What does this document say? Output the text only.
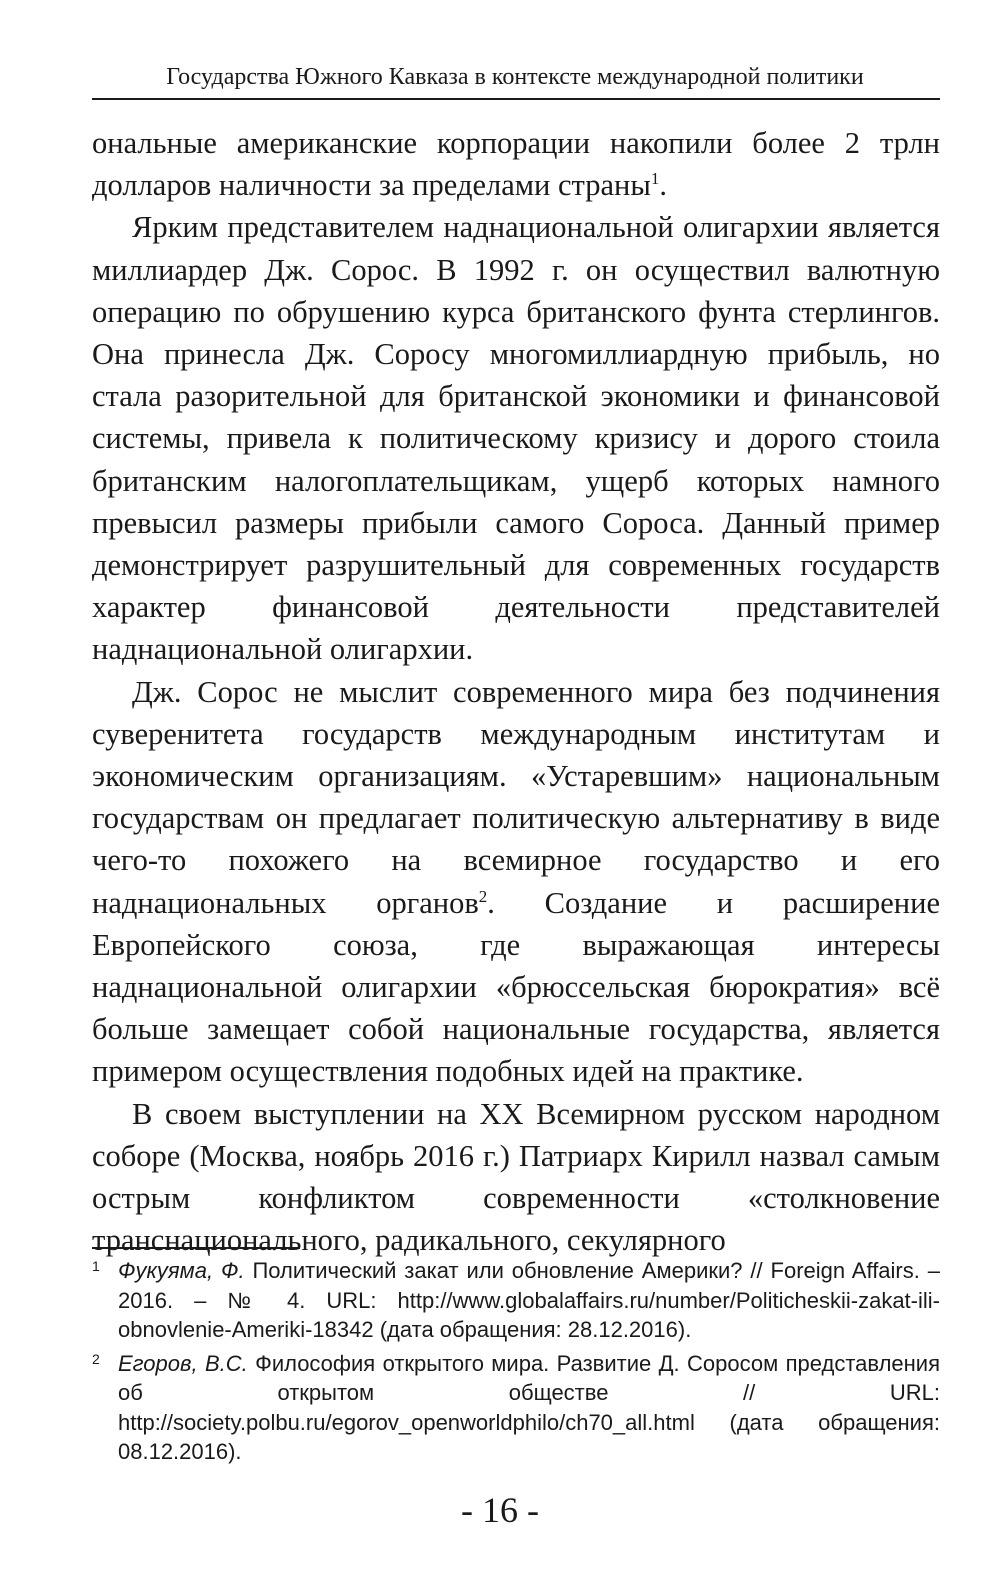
Государства Южного Кавказа в контексте международной политики

ональные американские корпорации накопили более 2 трлн долларов наличности за пределами страны$^1$.

Ярким представителем наднациональной олигархии является миллиардер Дж. Сорос. В 1992 г. он осуществил валютную операцию по обрушению курса британского фунта стерлингов. Она принесла Дж. Соросу многомиллиардную прибыль, но стала разорительной для британской экономики и финансовой системы, привела к политическому кризису и дорого стоила британским налогоплательщикам, ущерб которых намного превысил размеры прибыли самого Сороса. Данный пример демонстрирует разрушительный для современных государств характер финансовой деятельности представителей наднациональной олигархии.

Дж. Сорос не мыслит современного мира без подчинения суверенитета государств международным институтам и экономическим организациям. «Устаревшим» национальным государствам он предлагает политическую альтернативу в виде чего-то похожего на всемирное государство и его наднациональных органов$^2$. Создание и расширение Европейского союза, где выражающая интересы наднациональной олигархии «брюссельская бюрократия» всё больше замещает собой национальные государства, является примером осуществления подобных идей на практике.

В своем выступлении на XX Всемирном русском народном соборе (Москва, ноябрь 2016 г.) Патриарх Кирилл назвал самым острым конфликтом современности «столкновение транснационального, радикального, секулярного

1 Фукуяма, Ф. Политический закат или обновление Америки? // Foreign Affairs. – 2016. – № 4. URL: http://www.globalaffairs.ru/number/Politicheskii-zakat-ili-obnovlenie-Ameriki-18342 (дата обращения: 28.12.2016).
2 Егоров, В.С. Философия открытого мира. Развитие Д. Соросом представления об открытом обществе // URL: http://society.polbu.ru/egorov_openworldphilo/ch70_all.html (дата обращения: 08.12.2016).
- 16 -
